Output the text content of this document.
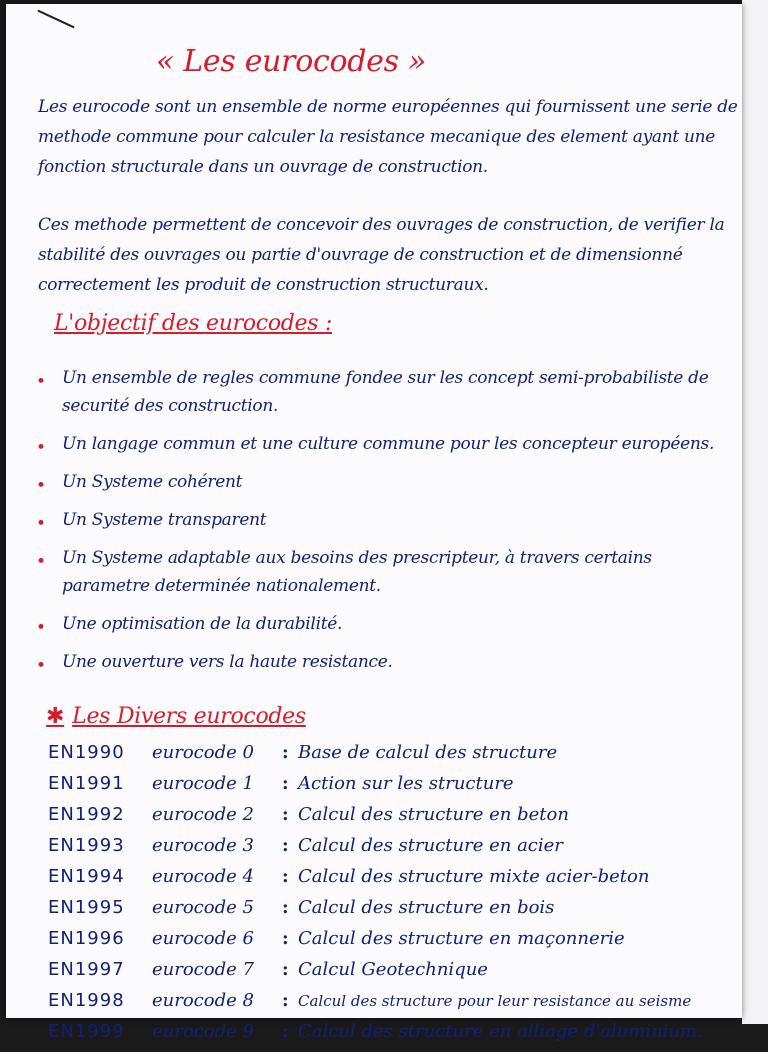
« Les eurocodes »
Les eurocode sont un ensemble de norme européennes qui fournissent une serie de methode commune pour calculer la resistance mecanique des element ayant une fonction structurale dans un ouvrage de construction.
Ces methode permettent de concevoir des ouvrages de construction, de verifier la stabilité des ouvrages ou partie d'ouvrage de construction et de dimensionné correctement les produit de construction structuraux.
L'objectif des eurocodes :
• Un ensemble de regles commune fondee sur les concept semi-probabiliste de securité des construction.
• Un langage commun et une culture commune pour les concepteur européens.
• Un Systeme cohérent
• Un Systeme transparent
• Un Systeme adaptable aux besoins des prescripteur, à travers certains parametre determinée nationalement.
• Une optimisation de la durabilité.
• Une ouverture vers la haute resistance.
✱ Les Divers eurocodes
EN1990	eurocode 0	: Base de calcul des structure
EN1991	eurocode 1	: Action sur les structure
EN1992	eurocode 2	: Calcul des structure en beton
EN1993	eurocode 3	: Calcul des structure en acier
EN1994	eurocode 4	: Calcul des structure mixte acier-beton
EN1995	eurocode 5	: Calcul des structure en bois
EN1996	eurocode 6	: Calcul des structure en maçonnerie
EN1997	eurocode 7	: Calcul Geotechnique
EN1998	eurocode 8	: Calcul des structure pour leur resistance au seisme
EN1999	eurocode 9	: Calcul des structure en alliage d'aluminium.
